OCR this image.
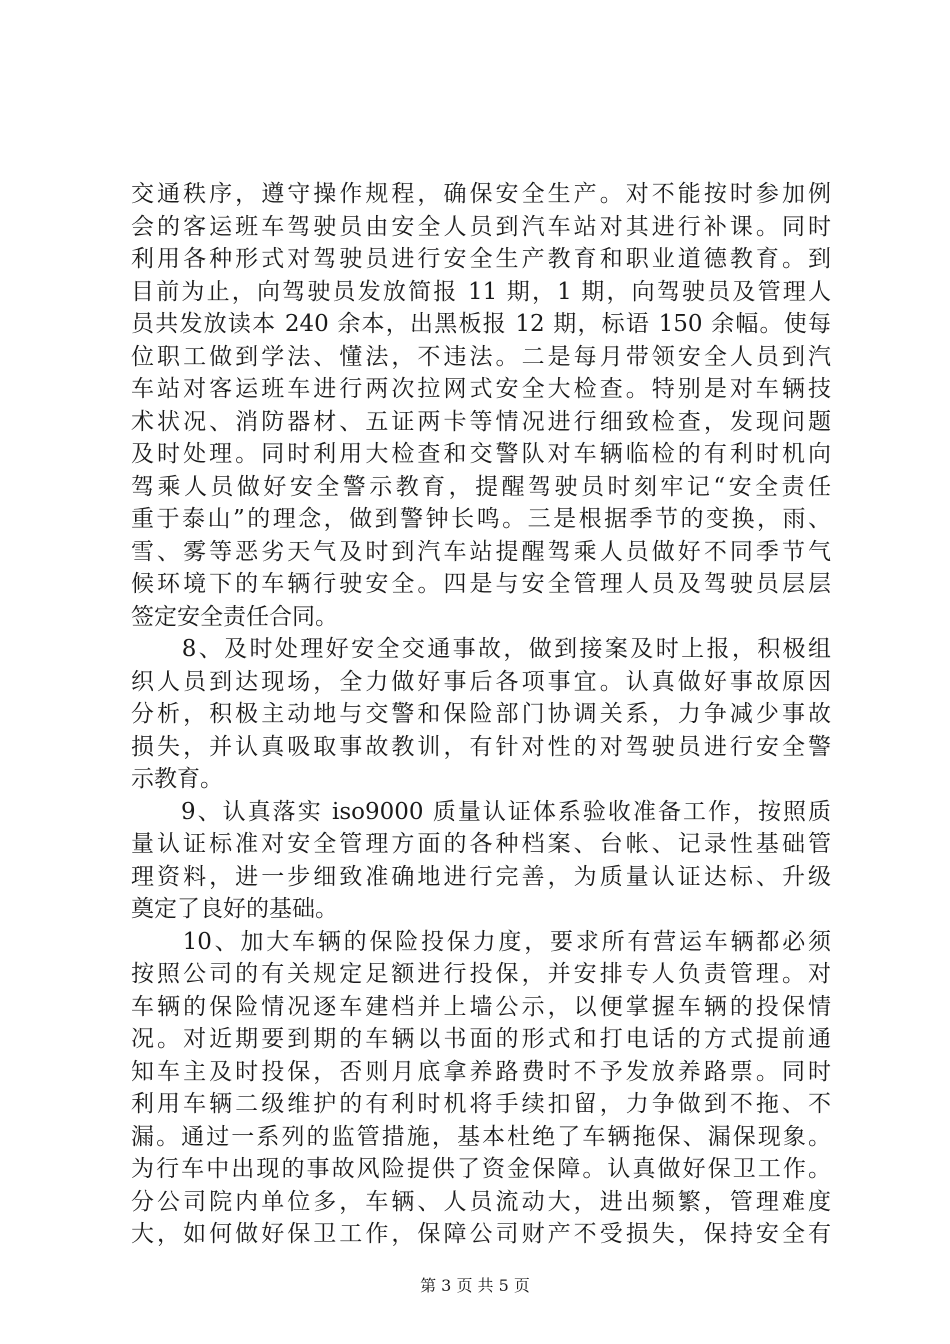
交通秩序，遵守操作规程，确保安全生产。对不能按时参加例
会的客运班车驾驶员由安全人员到汽车站对其进行补课。同时
利用各种形式对驾驶员进行安全生产教育和职业道德教育。到
目前为止，向驾驶员发放简报 11 期，1 期，向驾驶员及管理人
员共发放读本 240 余本，出黑板报 12 期，标语 150 余幅。使每
位职工做到学法、懂法，不违法。二是每月带领安全人员到汽
车站对客运班车进行两次拉网式安全大检查。特别是对车辆技
术状况、消防器材、五证两卡等情况进行细致检查，发现问题
及时处理。同时利用大检查和交警队对车辆临检的有利时机向
驾乘人员做好安全警示教育，提醒驾驶员时刻牢记“安全责任
重于泰山”的理念，做到警钟长鸣。三是根据季节的变换，雨、
雪、雾等恶劣天气及时到汽车站提醒驾乘人员做好不同季节气
候环境下的车辆行驶安全。四是与安全管理人员及驾驶员层层
签定安全责任合同。
　　8、及时处理好安全交通事故，做到接案及时上报，积极组
织人员到达现场，全力做好事后各项事宜。认真做好事故原因
分析，积极主动地与交警和保险部门协调关系，力争减少事故
损失，并认真吸取事故教训，有针对性的对驾驶员进行安全警
示教育。
　　9、认真落实 iso9000 质量认证体系验收准备工作，按照质
量认证标准对安全管理方面的各种档案、台帐、记录性基础管
理资料，进一步细致准确地进行完善，为质量认证达标、升级
奠定了良好的基础。
　　10、加大车辆的保险投保力度，要求所有营运车辆都必须
按照公司的有关规定足额进行投保，并安排专人负责管理。对
车辆的保险情况逐车建档并上墙公示，以便掌握车辆的投保情
况。对近期要到期的车辆以书面的形式和打电话的方式提前通
知车主及时投保，否则月底拿养路费时不予发放养路票。同时
利用车辆二级维护的有利时机将手续扣留，力争做到不拖、不
漏。通过一系列的监管措施，基本杜绝了车辆拖保、漏保现象。
为行车中出现的事故风险提供了资金保障。认真做好保卫工作。
分公司院内单位多，车辆、人员流动大，进出频繁，管理难度
大，如何做好保卫工作，保障公司财产不受损失，保持安全有
第 3 页 共 5 页
